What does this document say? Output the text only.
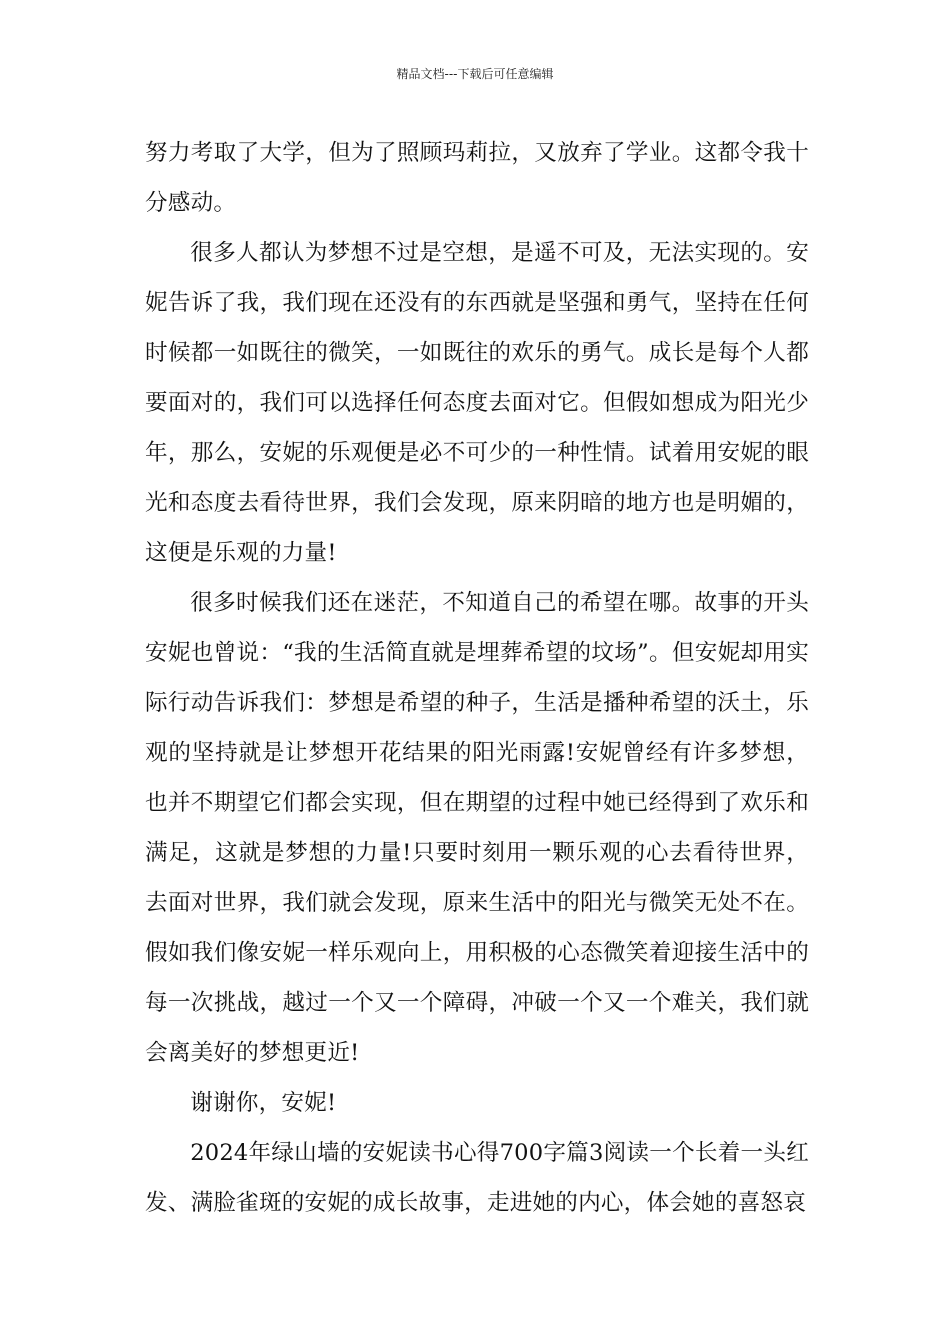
精品文档---下载后可任意编辑

努力考取了大学，但为了照顾玛莉拉，又放弃了学业。这都令我十分感动。

很多人都认为梦想不过是空想，是遥不可及，无法实现的。安妮告诉了我，我们现在还没有的东西就是坚强和勇气，坚持在任何时候都一如既往的微笑，一如既往的欢乐的勇气。成长是每个人都要面对的，我们可以选择任何态度去面对它。但假如想成为阳光少年，那么，安妮的乐观便是必不可少的一种性情。试着用安妮的眼光和态度去看待世界，我们会发现，原来阴暗的地方也是明媚的，这便是乐观的力量!

很多时候我们还在迷茫，不知道自己的希望在哪。故事的开头安妮也曾说：“我的生活简直就是埋葬希望的坟场”。但安妮却用实际行动告诉我们：梦想是希望的种子，生活是播种希望的沃土，乐观的坚持就是让梦想开花结果的阳光雨露!安妮曾经有许多梦想，也并不期望它们都会实现，但在期望的过程中她已经得到了欢乐和满足，这就是梦想的力量!只要时刻用一颗乐观的心去看待世界，去面对世界，我们就会发现，原来生活中的阳光与微笑无处不在。假如我们像安妮一样乐观向上，用积极的心态微笑着迎接生活中的每一次挑战，越过一个又一个障碍，冲破一个又一个难关，我们就会离美好的梦想更近!

谢谢你，安妮!

2024年绿山墙的安妮读书心得700字篇3阅读一个长着一头红发、满脸雀斑的安妮的成长故事，走进她的内心，体会她的喜怒哀
